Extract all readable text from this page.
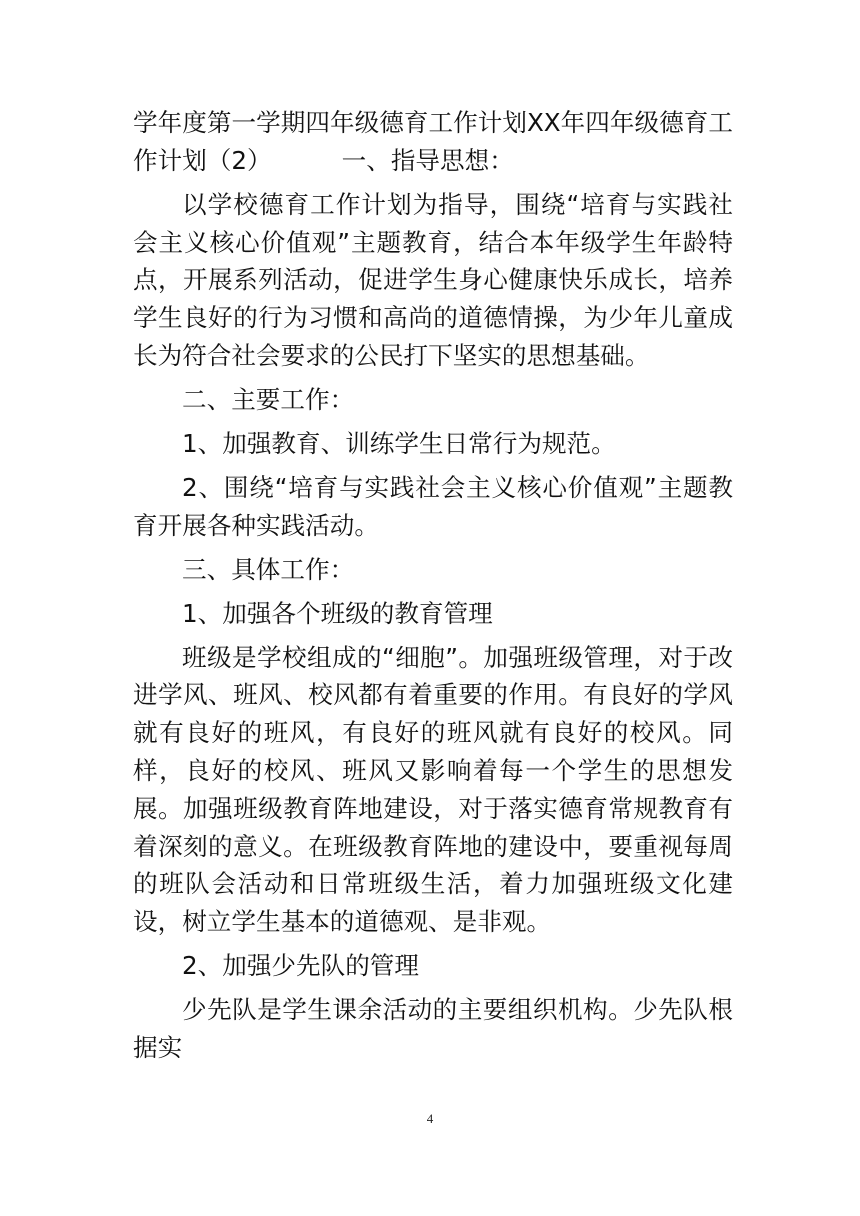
学年度第一学期四年级德育工作计划XX年四年级德育工作计划（2）	一、指导思想：

以学校德育工作计划为指导，围绕“培育与实践社会主义核心价值观”主题教育，结合本年级学生年龄特点，开展系列活动，促进学生身心健康快乐成长，培养学生良好的行为习惯和高尚的道德情操，为少年儿童成长为符合社会要求的公民打下坚实的思想基础。

二、主要工作：

1、加强教育、训练学生日常行为规范。

2、围绕“培育与实践社会主义核心价值观”主题教育开展各种实践活动。

三、具体工作：

1、加强各个班级的教育管理

班级是学校组成的“细胞”。加强班级管理，对于改进学风、班风、校风都有着重要的作用。有良好的学风就有良好的班风，有良好的班风就有良好的校风。同样，良好的校风、班风又影响着每一个学生的思想发展。加强班级教育阵地建设，对于落实德育常规教育有着深刻的意义。在班级教育阵地的建设中，要重视每周的班队会活动和日常班级生活，着力加强班级文化建设，树立学生基本的道德观、是非观。

2、加强少先队的管理

少先队是学生课余活动的主要组织机构。少先队根据实

4
